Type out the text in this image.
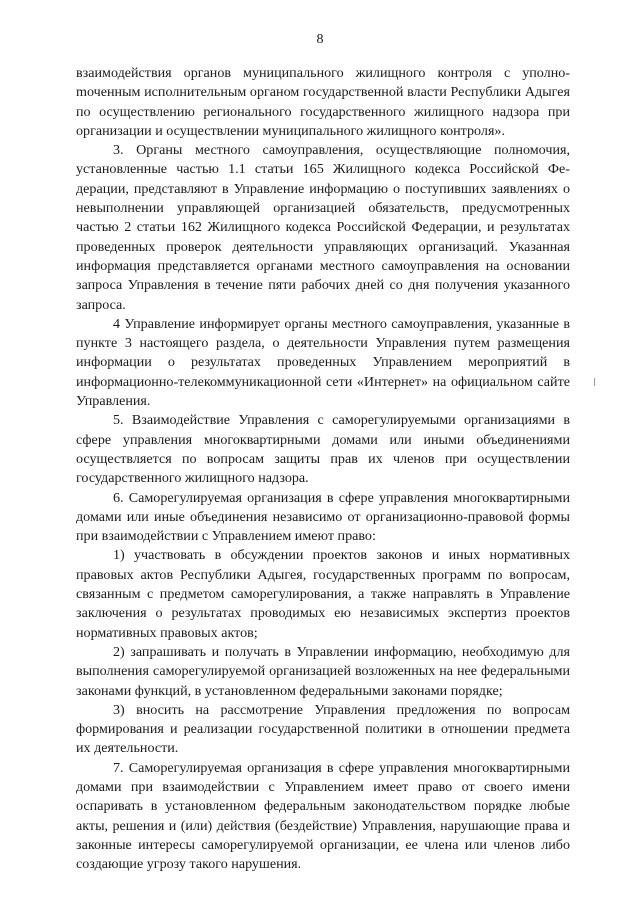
8

взаимодействия органов муниципального жилищного контроля с уполноmоченным исполнительным органом государственной власти Республики Адыгея по осуществлению регионального государственного жилищного надзора при организации и осуществлении муниципального жилищного контроля».

3. Органы местного самоуправления, осуществляющие полномочия, установленные частью 1.1 статьи 165 Жилищного кодекса Российской Федерации, представляют в Управление информацию о поступивших заявлениях о невыполнении управляющей организацией обязательств, предусмотренных частью 2 статьи 162 Жилищного кодекса Российской Федерации, и результатах проведенных проверок деятельности управляющих организаций. Указанная информация представляется органами местного самоуправления на основании запроса Управления в течение пяти рабочих дней со дня получения указанного запроса.

4 Управление информирует органы местного самоуправления, указанные в пункте 3 настоящего раздела, о деятельности Управления путем размещения информации о результатах проведенных Управлением мероприятий в информационно-телекоммуникационной сети «Интернет» на официальном сайте Управления.

5. Взаимодействие Управления с саморегулируемыми организациями в сфере управления многоквартирными домами или иными объединениями осуществляется по вопросам защиты прав их членов при осуществлении государственного жилищного надзора.

6. Саморегулируемая организация в сфере управления многоквартирными домами или иные объединения независимо от организационно-правовой формы при взаимодействии с Управлением имеют право:

1) участвовать в обсуждении проектов законов и иных нормативных правовых актов Республики Адыгея, государственных программ по вопросам, связанным с предметом саморегулирования, а также направлять в Управление заключения о результатах проводимых ею независимых экспертиз проектов нормативных правовых актов;

2) запрашивать и получать в Управлении информацию, необходимую для выполнения саморегулируемой организацией возложенных на нее федеральными законами функций, в установленном федеральными законами порядке;

3) вносить на рассмотрение Управления предложения по вопросам формирования и реализации государственной политики в отношении предмета их деятельности.

7. Саморегулируемая организация в сфере управления многоквартирными домами при взаимодействии с Управлением имеет право от своего имени оспаривать в установленном федеральным законодательством порядке любые акты, решения и (или) действия (бездействие) Управления, нарушающие права и законные интересы саморегулируемой организации, ее члена или членов либо создающие угрозу такого нарушения.
